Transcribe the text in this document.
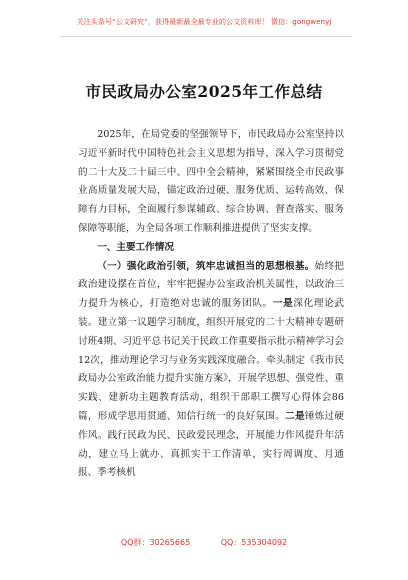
关注头条号“公文研究”，获得最新最全最专业的公文资料库！ 微信：gongwenyj
市民政局办公室2025年工作总结

2025年，在局党委的坚强领导下，市民政局办公室坚持以习近平新时代中国特色社会主义思想为指导，深入学习贯彻党的二十大及二十届三中、四中全会精神，紧紧围绕全市民政事业高质量发展大局，锚定政治过硬、服务优质、运转高效、保障有力目标，全面履行参谋辅政、综合协调、督查落实、服务保障等职能，为全局各项工作顺利推进提供了坚实支撑。

一、主要工作情况

（一）强化政治引领，筑牢忠诚担当的思想根基。始终把政治建设摆在首位，牢牢把握办公室政治机关属性，以政治三力提升为核心，打造绝对忠诚的服务团队。一是深化理论武装。建立第一议题学习制度，组织开展党的二十大精神专题研讨班4期、习近平总书记关于民政工作重要指示批示精神学习会12次，推动理论学习与业务实践深度融合。牵头制定《我市民政局办公室政治能力提升实施方案》，开展学思想、强党性、重实践、建新功主题教育活动，组织干部职工撰写心得体会86篇，形成学思用贯通、知信行统一的良好氛围。二是锤炼过硬作风。践行民政为民、民政爱民理念，开展能力作风提升年活动，建立马上就办、真抓实干工作清单，实行周调度、月通报、季考核机

QQ群：30265665	QQ：535304092
